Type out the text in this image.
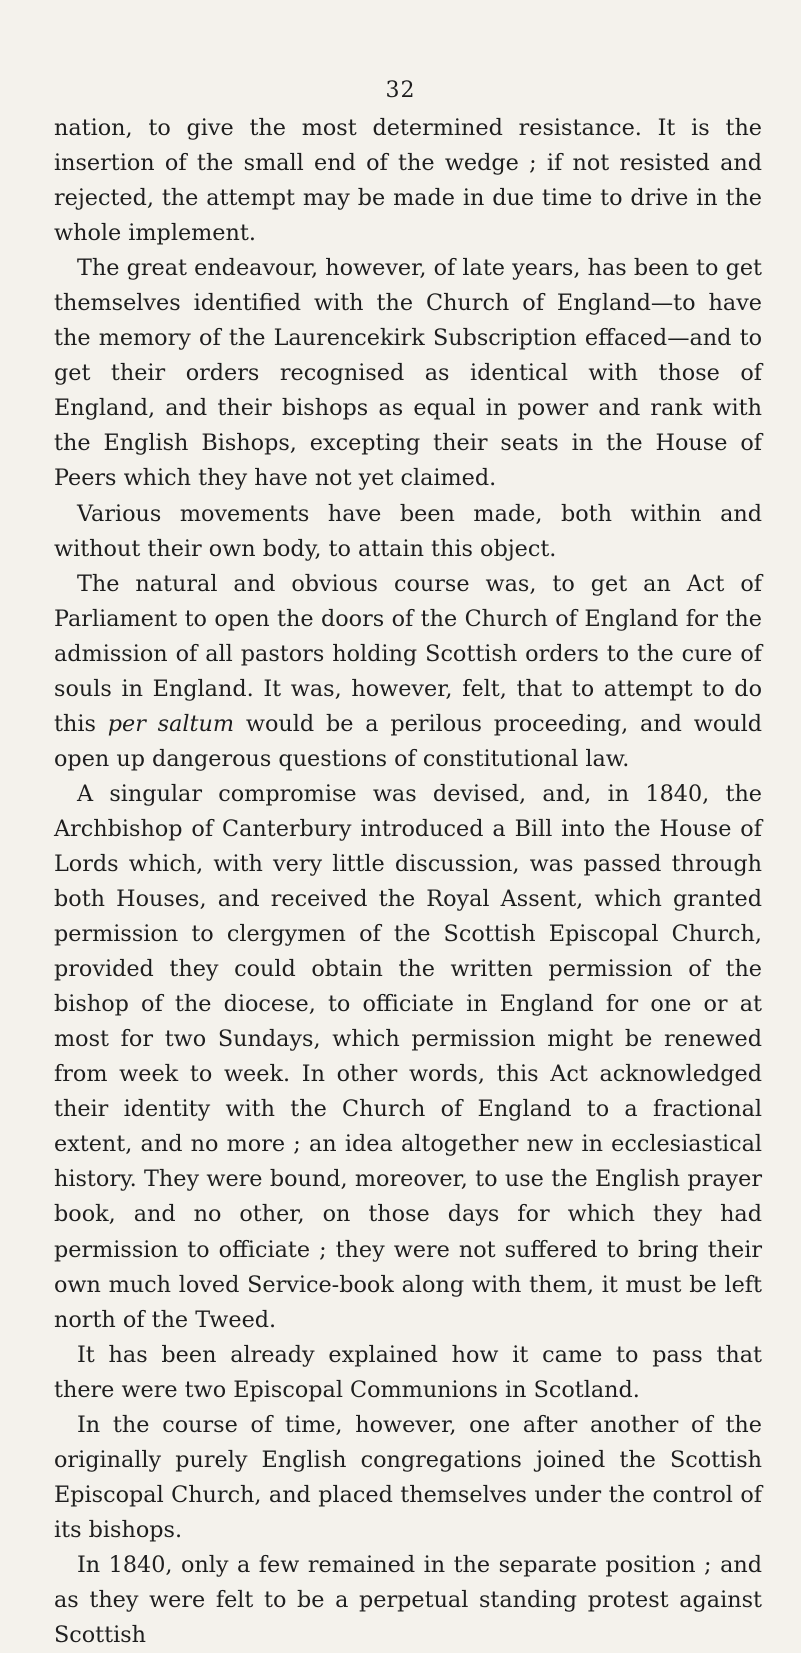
32

nation, to give the most determined resistance. It is the insertion of the small end of the wedge ; if not resisted and rejected, the attempt may be made in due time to drive in the whole implement.

The great endeavour, however, of late years, has been to get themselves identified with the Church of England—to have the memory of the Laurencekirk Subscription effaced—and to get their orders recognised as identical with those of England, and their bishops as equal in power and rank with the English Bishops, excepting their seats in the House of Peers which they have not yet claimed.

Various movements have been made, both within and without their own body, to attain this object.

The natural and obvious course was, to get an Act of Parliament to open the doors of the Church of England for the admission of all pastors holding Scottish orders to the cure of souls in England. It was, however, felt, that to attempt to do this per saltum would be a perilous proceeding, and would open up dangerous questions of constitutional law.

A singular compromise was devised, and, in 1840, the Archbishop of Canterbury introduced a Bill into the House of Lords which, with very little discussion, was passed through both Houses, and received the Royal Assent, which granted permission to clergymen of the Scottish Episcopal Church, provided they could obtain the written permission of the bishop of the diocese, to officiate in England for one or at most for two Sundays, which permission might be renewed from week to week. In other words, this Act acknowledged their identity with the Church of England to a fractional extent, and no more ; an idea altogether new in ecclesiastical history. They were bound, moreover, to use the English prayer book, and no other, on those days for which they had permission to officiate ; they were not suffered to bring their own much loved Service-book along with them, it must be left north of the Tweed.

It has been already explained how it came to pass that there were two Episcopal Communions in Scotland.

In the course of time, however, one after another of the originally purely English congregations joined the Scottish Episcopal Church, and placed themselves under the control of its bishops.

In 1840, only a few remained in the separate position ; and as they were felt to be a perpetual standing protest against Scottish
